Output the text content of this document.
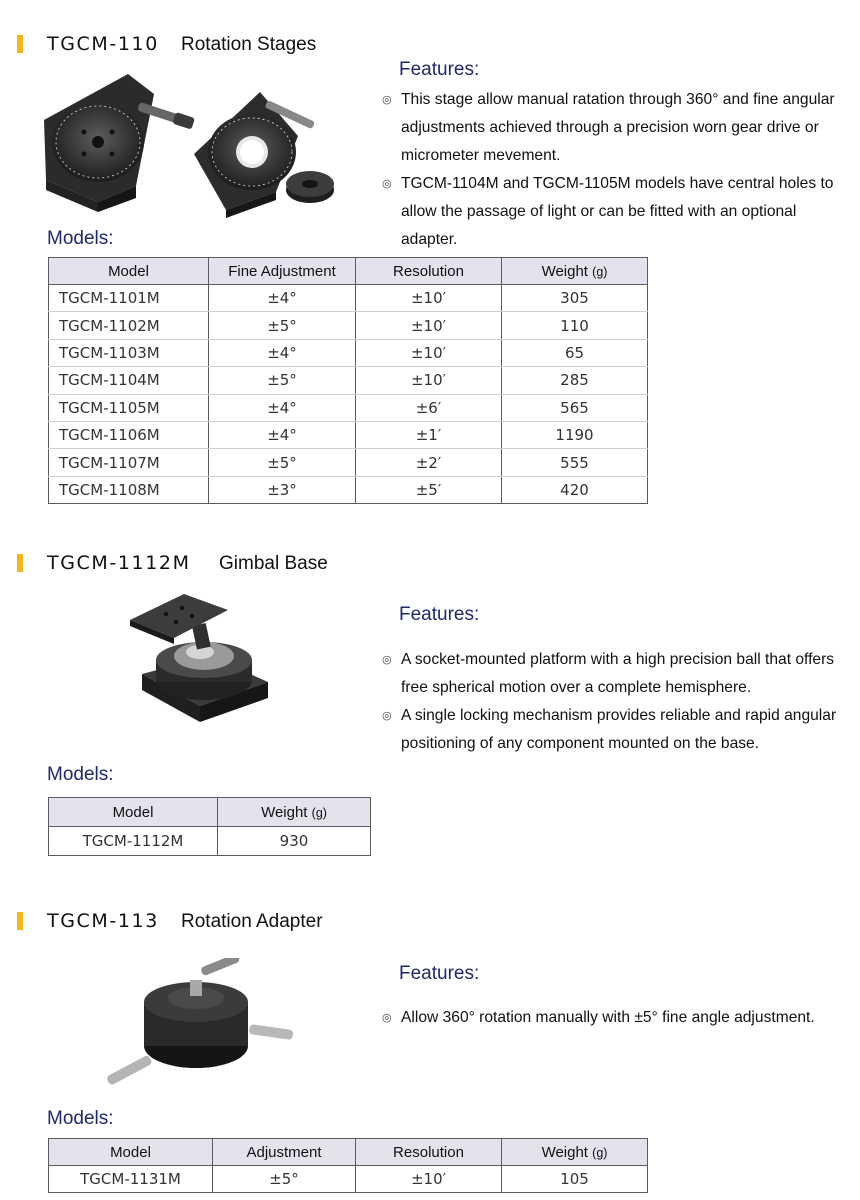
TGCM-110 Rotation Stages
Features:
◎ This stage allow manual ratation through 360° and fine angular adjustments achieved through a precision worn gear drive or micrometer mevement.
◎ TGCM-1104M and TGCM-1105M models have central holes to allow the passage of light or can be fitted with an optional adapter.
Models:
Model	Fine Adjustment	Resolution	Weight (g)
TGCM-1101M	±4°	±10′	305
TGCM-1102M	±5°	±10′	110
TGCM-1103M	±4°	±10′	65
TGCM-1104M	±5°	±10′	285
TGCM-1105M	±4°	±6′	565
TGCM-1106M	±4°	±1′	1190
TGCM-1107M	±5°	±2′	555
TGCM-1108M	±3°	±5′	420
TGCM-1112M Gimbal Base
Features:
◎ A socket-mounted platform with a high precision ball that offers free spherical motion over a complete hemisphere.
◎ A single locking mechanism provides reliable and rapid angular positioning of any component mounted on the base.
Models:
Model	Weight (g)
TGCM-1112M	930
TGCM-113 Rotation Adapter
Features:
◎ Allow 360° rotation manually with ±5° fine angle adjustment.
Models:
Model	Adjustment	Resolution	Weight (g)
TGCM-1131M	±5°	±10′	105
